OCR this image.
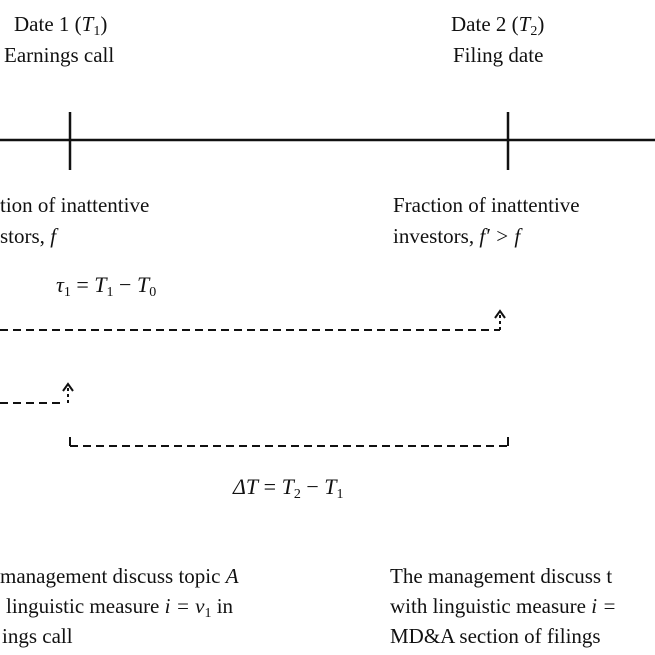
Date 1 $(T_1)$
Earnings call
Date 2 $(T_2)$
Filing date
tion of inattentive
stors, f
Fraction of inattentive
investors, f′ > f
$\tau_1 = T_1 - T_0$
$\Delta T = T_2 - T_1$
management discuss topic A
linguistic measure $i = v_1$ in
ings call
The management discuss t
with linguistic measure i =
MD&A section of filings
